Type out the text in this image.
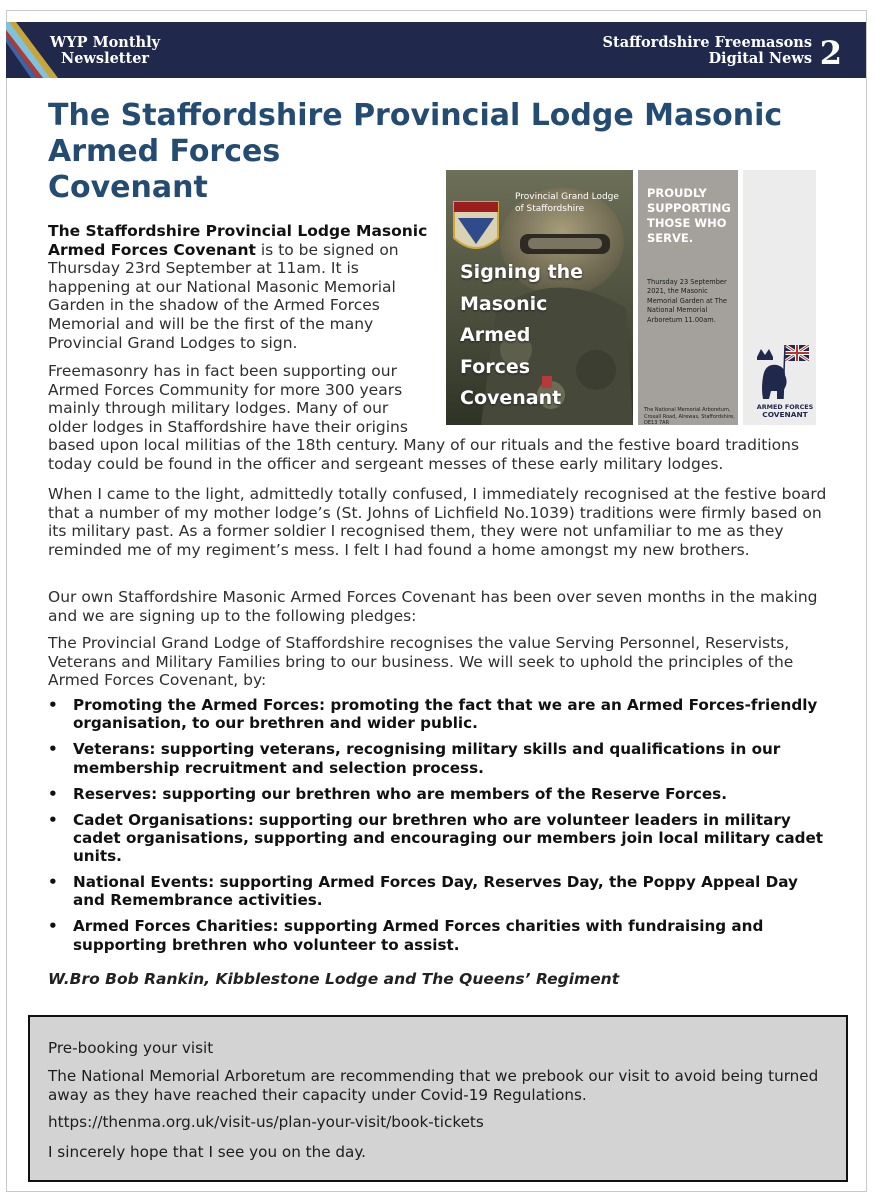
WYP Monthly
Newsletter
Staffordshire Freemasons
Digital News 2
The Staffordshire Provincial Lodge Masonic
Armed Forces
Covenant	Provincial Grand Lodge
of Staffordshire
Signing the
Masonic
Armed
Forces
Covenant
PROUDLY
SUPPORTING
THOSE WHO
SERVE.
Thursday 23 September 2021, the Masonic Memorial Garden at The National Memorial Arboretum 11.00am.
The National Memorial Arboretum, Croxall Road, Alrewas, Staffordshire, DE13 7AR
ARMED FORCES
COVENANT

The Staffordshire Provincial Lodge Masonic Armed Forces Covenant is to be signed on Thursday 23rd September at 11am. It is happening at our National Masonic Memorial Garden in the shadow of the Armed Forces Memorial and will be the first of the many Provincial Grand Lodges to sign.

Freemasonry has in fact been supporting our Armed Forces Community for more 300 years mainly through military lodges. Many of our older lodges in Staffordshire have their origins
based upon local militias of the 18th century. Many of our rituals and the festive board traditions today could be found in the officer and sergeant messes of these early military lodges.

When I came to the light, admittedly totally confused, I immediately recognised at the festive board that a number of my mother lodge’s (St. Johns of Lichfield No.1039) traditions were firmly based on its military past. As a former soldier I recognised them, they were not unfamiliar to me as they reminded me of my regiment’s mess. I felt I had found a home amongst my new brothers.

Our own Staffordshire Masonic Armed Forces Covenant has been over seven months in the making and we are signing up to the following pledges:

The Provincial Grand Lodge of Staffordshire recognises the value Serving Personnel, Reservists, Veterans and Military Families bring to our business. We will seek to uphold the principles of the Armed Forces Covenant, by:

• Promoting the Armed Forces: promoting the fact that we are an Armed Forces-friendly organisation, to our brethren and wider public.
• Veterans: supporting veterans, recognising military skills and qualifications in our membership recruitment and selection process.
• Reserves: supporting our brethren who are members of the Reserve Forces.
• Cadet Organisations: supporting our brethren who are volunteer leaders in military cadet organisations, supporting and encouraging our members join local military cadet units.
• National Events: supporting Armed Forces Day, Reserves Day, the Poppy Appeal Day and Remembrance activities.
• Armed Forces Charities: supporting Armed Forces charities with fundraising and supporting brethren who volunteer to assist.

W.Bro Bob Rankin, Kibblestone Lodge and The Queens’ Regiment

Pre-booking your visit

The National Memorial Arboretum are recommending that we prebook our visit to avoid being turned away as they have reached their capacity under Covid-19 Regulations.

https://thenma.org.uk/visit-us/plan-your-visit/book-tickets

I sincerely hope that I see you on the day.
